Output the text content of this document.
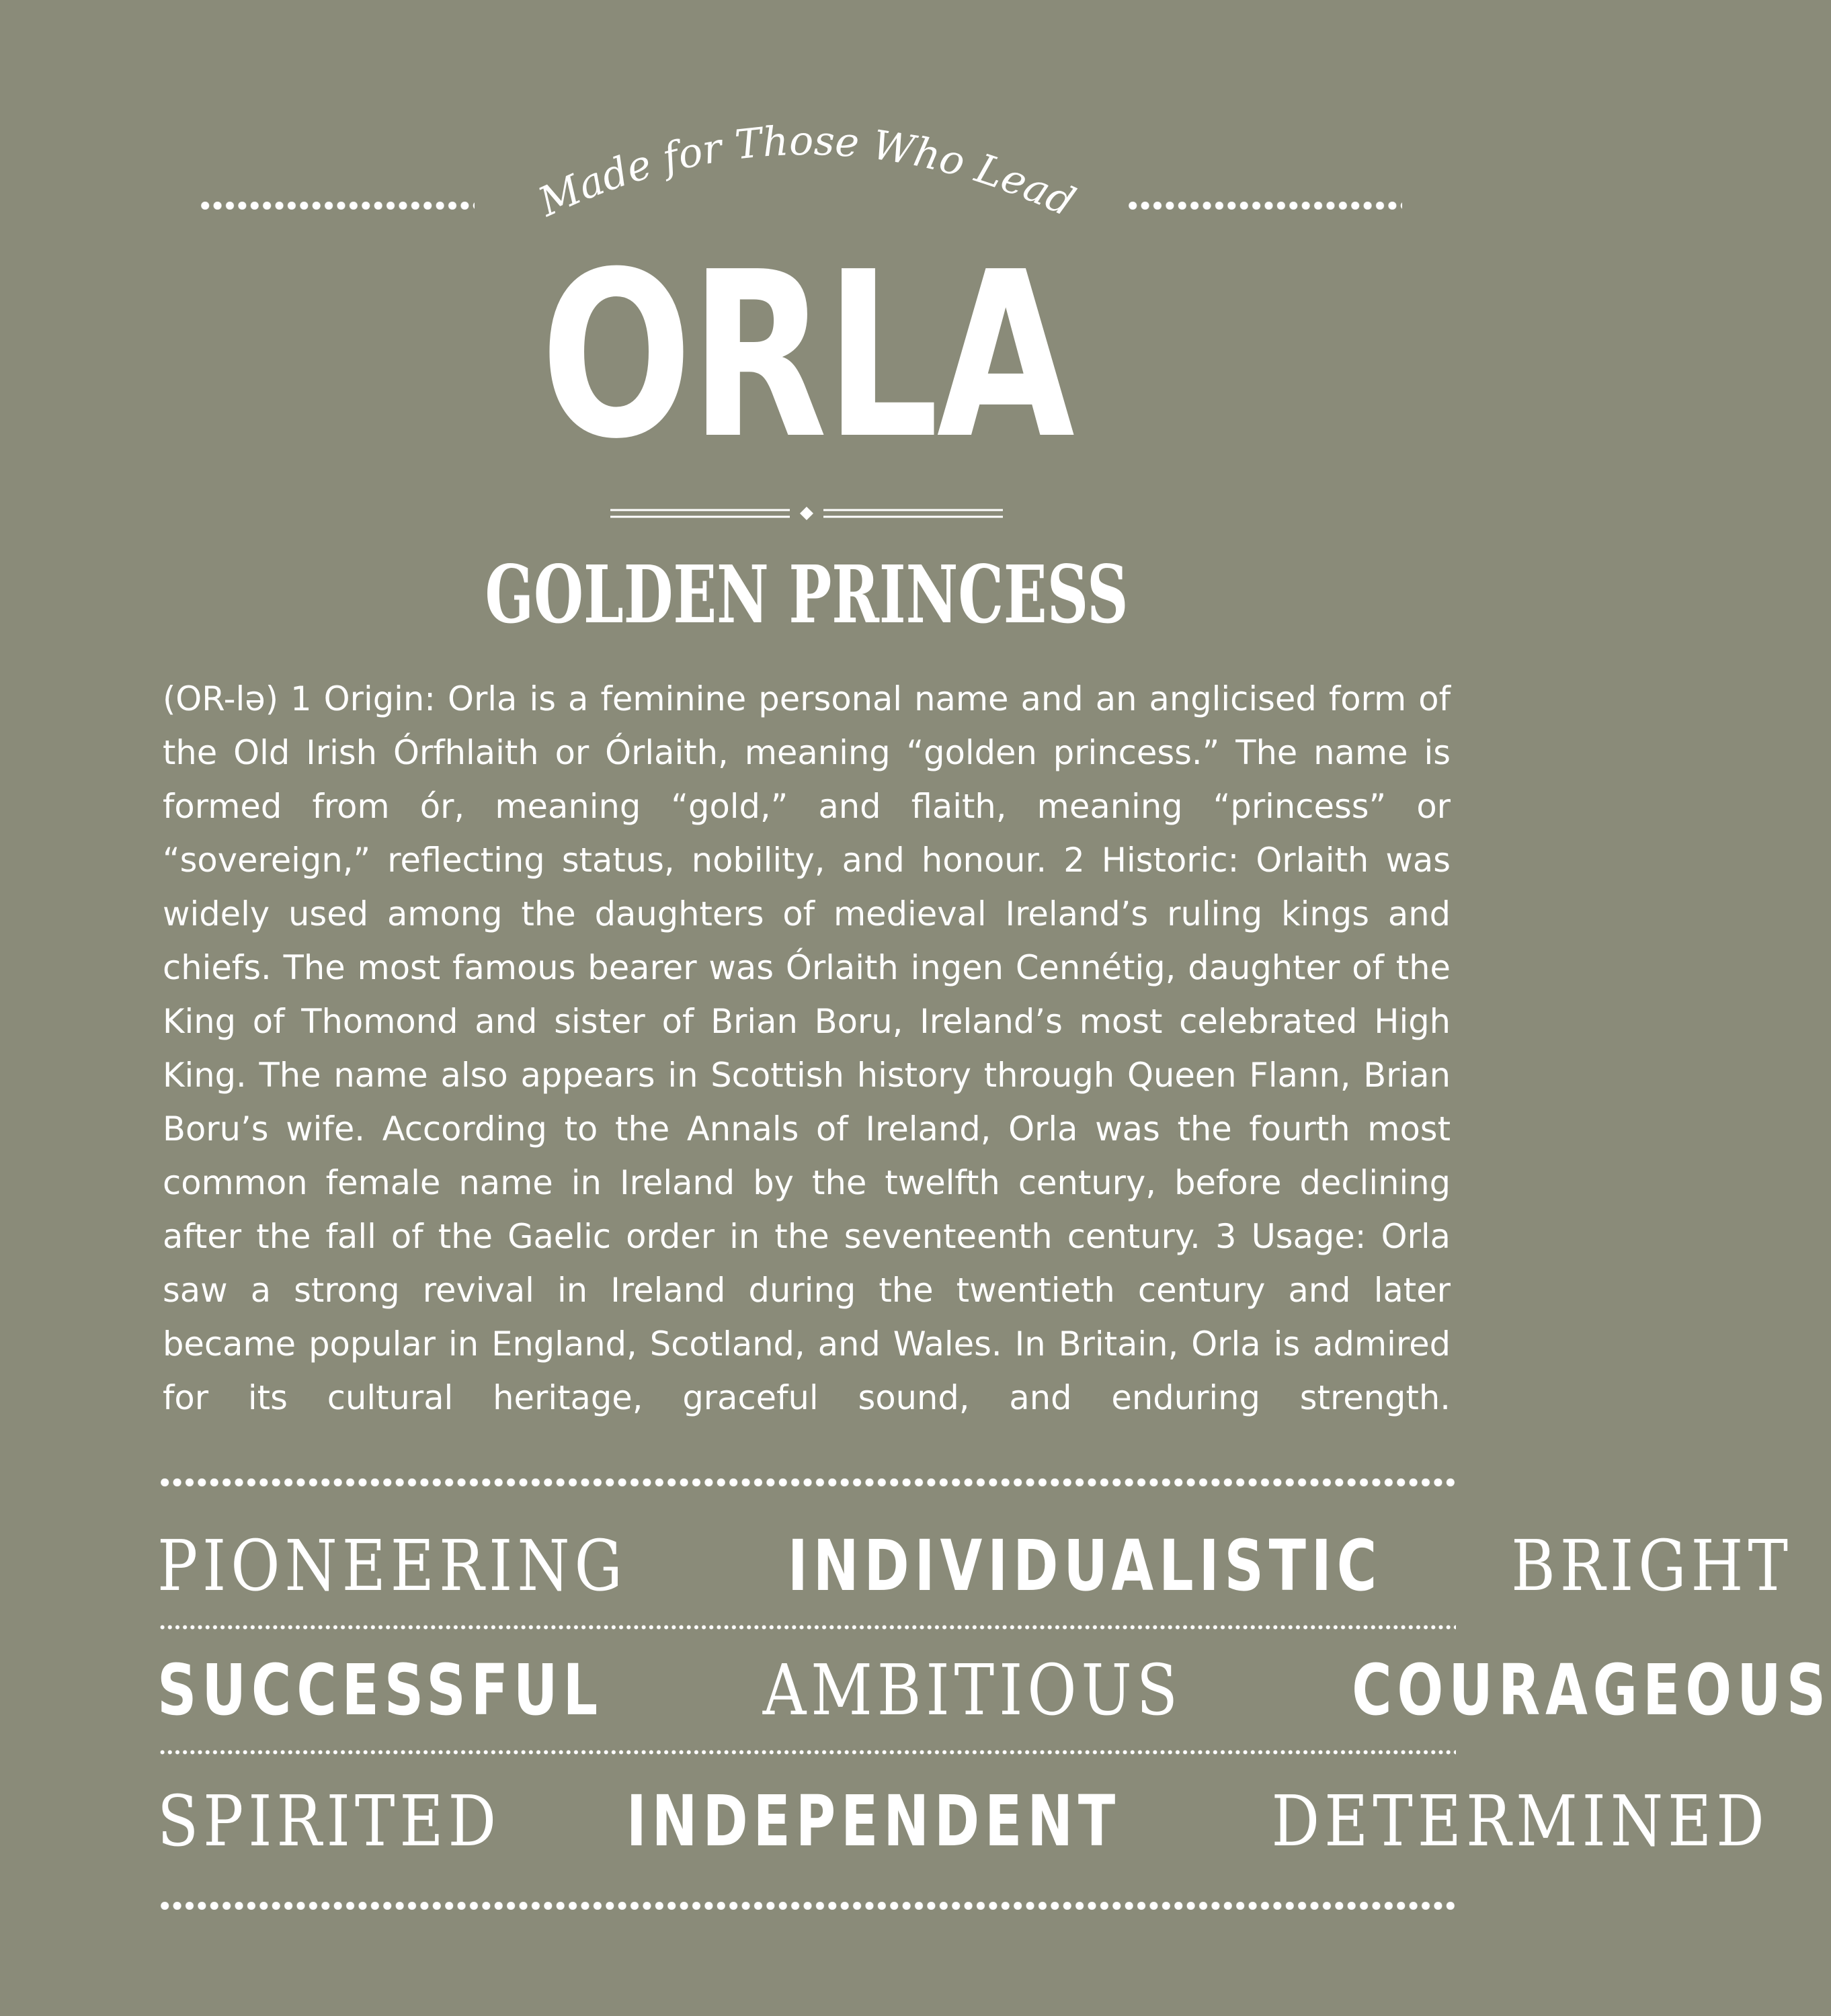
Made for Those Who Lead
ORLA
GOLDEN PRINCESS
(OR-lə) 1 Origin: Orla is a feminine personal name and an anglicised form of the Old Irish Órfhlaith or Órlaith, meaning “golden princess.” The name is formed from ór, meaning “gold,” and flaith, meaning “princess” or “sovereign,” reflecting status, nobility, and honour. 2 Historic: Orlaith was widely used among the daughters of medieval Ireland’s ruling kings and chiefs. The most famous bearer was Órlaith ingen Cennétig, daughter of the King of Thomond and sister of Brian Boru, Ireland’s most celebrated High King. The name also appears in Scottish history through Queen Flann, Brian Boru’s wife. According to the Annals of Ireland, Orla was the fourth most common female name in Ireland by the twelfth century, before declining after the fall of the Gaelic order in the seventeenth century. 3 Usage: Orla saw a strong revival in Ireland during the twentieth century and later became popular in England, Scotland, and Wales. In Britain, Orla is admired for its cultural heritage, graceful sound, and enduring strength.
PIONEERING INDIVIDUALISTIC BRIGHT
SUCCESSFUL AMBITIOUS COURAGEOUS
SPIRITED INDEPENDENT DETERMINED
